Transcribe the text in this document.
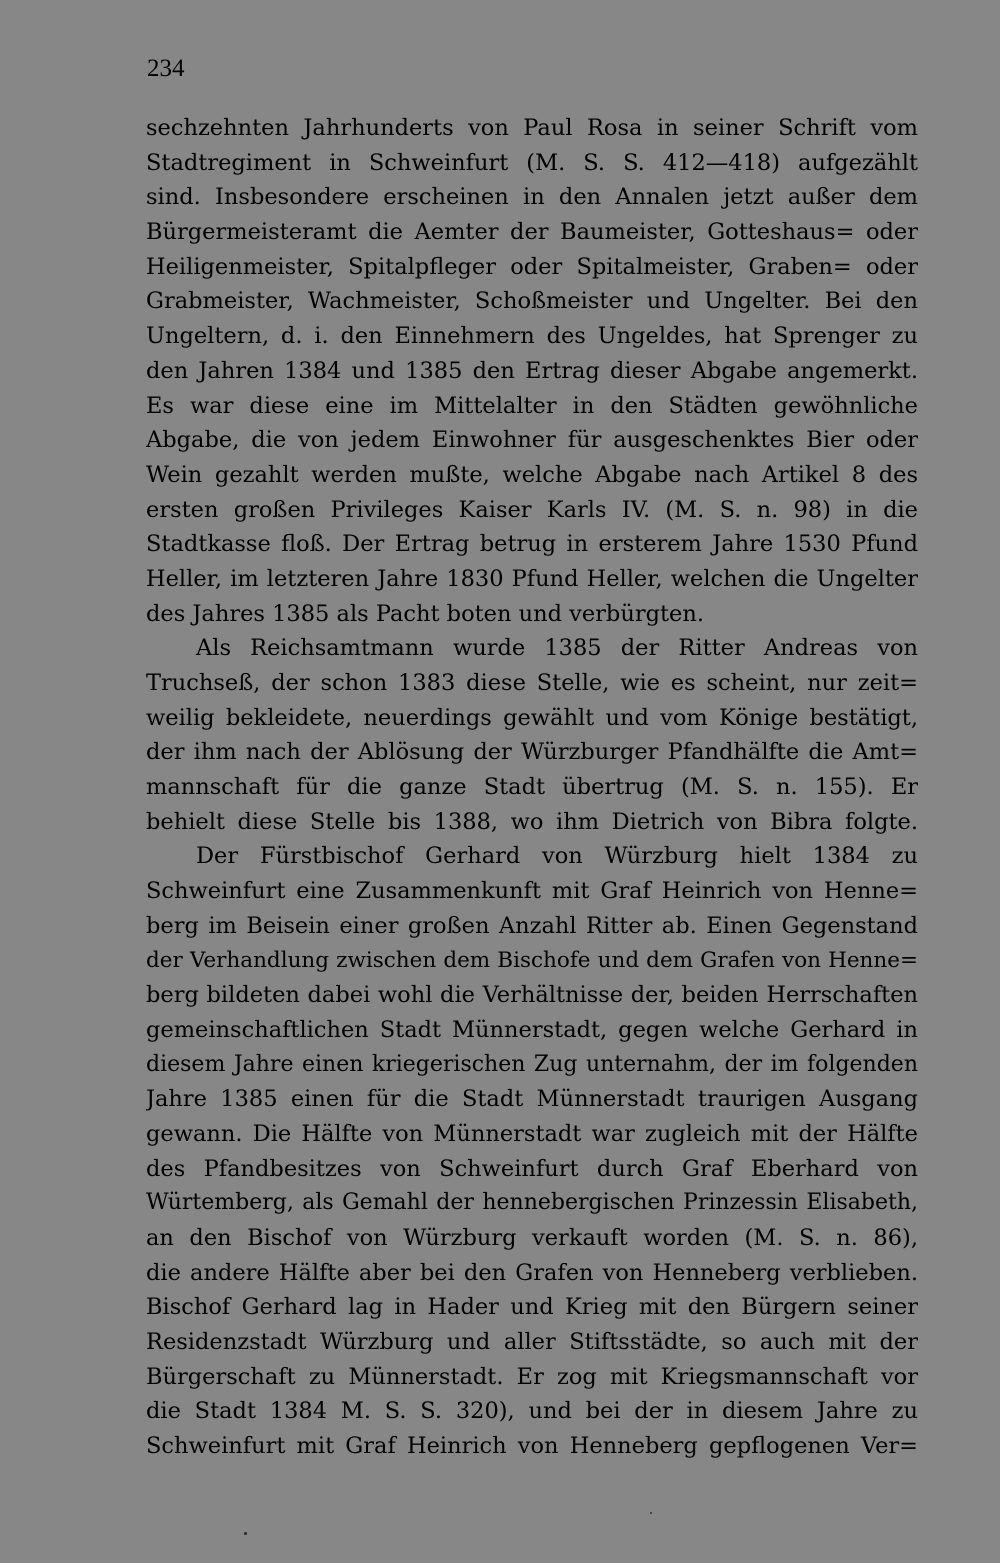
234
sechzehnten Jahrhunderts von Paul Rosa in seiner Schrift vom
Stadtregiment in Schweinfurt (M. S. S. 412—418) aufgezählt
sind. Insbesondere erscheinen in den Annalen jetzt außer dem
Bürgermeisteramt die Aemter der Baumeister, Gotteshaus= oder
Heiligenmeister, Spitalpfleger oder Spitalmeister, Graben= oder
Grabmeister, Wachmeister, Schoßmeister und Ungelter. Bei den
Ungeltern, d. i. den Einnehmern des Ungeldes, hat Sprenger zu
den Jahren 1384 und 1385 den Ertrag dieser Abgabe angemerkt.
Es war diese eine im Mittelalter in den Städten gewöhnliche
Abgabe, die von jedem Einwohner für ausgeschenktes Bier oder
Wein gezahlt werden mußte, welche Abgabe nach Artikel 8 des
ersten großen Privileges Kaiser Karls IV. (M. S. n. 98) in die
Stadtkasse floß. Der Ertrag betrug in ersterem Jahre 1530 Pfund
Heller, im letzteren Jahre 1830 Pfund Heller, welchen die Ungelter
des Jahres 1385 als Pacht boten und verbürgten.
Als Reichsamtmann wurde 1385 der Ritter Andreas von
Truchseß, der schon 1383 diese Stelle, wie es scheint, nur zeit=
weilig bekleidete, neuerdings gewählt und vom Könige bestätigt,
der ihm nach der Ablösung der Würzburger Pfandhälfte die Amt=
mannschaft für die ganze Stadt übertrug (M. S. n. 155). Er
behielt diese Stelle bis 1388, wo ihm Dietrich von Bibra folgte.
Der Fürstbischof Gerhard von Würzburg hielt 1384 zu
Schweinfurt eine Zusammenkunft mit Graf Heinrich von Henne=
berg im Beisein einer großen Anzahl Ritter ab. Einen Gegenstand
der Verhandlung zwischen dem Bischofe und dem Grafen von Henne=
berg bildeten dabei wohl die Verhältnisse der, beiden Herrschaften
gemeinschaftlichen Stadt Münnerstadt, gegen welche Gerhard in
diesem Jahre einen kriegerischen Zug unternahm, der im folgenden
Jahre 1385 einen für die Stadt Münnerstadt traurigen Ausgang
gewann. Die Hälfte von Münnerstadt war zugleich mit der Hälfte
des Pfandbesitzes von Schweinfurt durch Graf Eberhard von
Würtemberg, als Gemahl der hennebergischen Prinzessin Elisabeth,
an den Bischof von Würzburg verkauft worden (M. S. n. 86),
die andere Hälfte aber bei den Grafen von Henneberg verblieben.
Bischof Gerhard lag in Hader und Krieg mit den Bürgern seiner
Residenzstadt Würzburg und aller Stiftsstädte, so auch mit der
Bürgerschaft zu Münnerstadt. Er zog mit Kriegsmannschaft vor
die Stadt 1384 M. S. S. 320), und bei der in diesem Jahre zu
Schweinfurt mit Graf Heinrich von Henneberg gepflogenen Ver=
